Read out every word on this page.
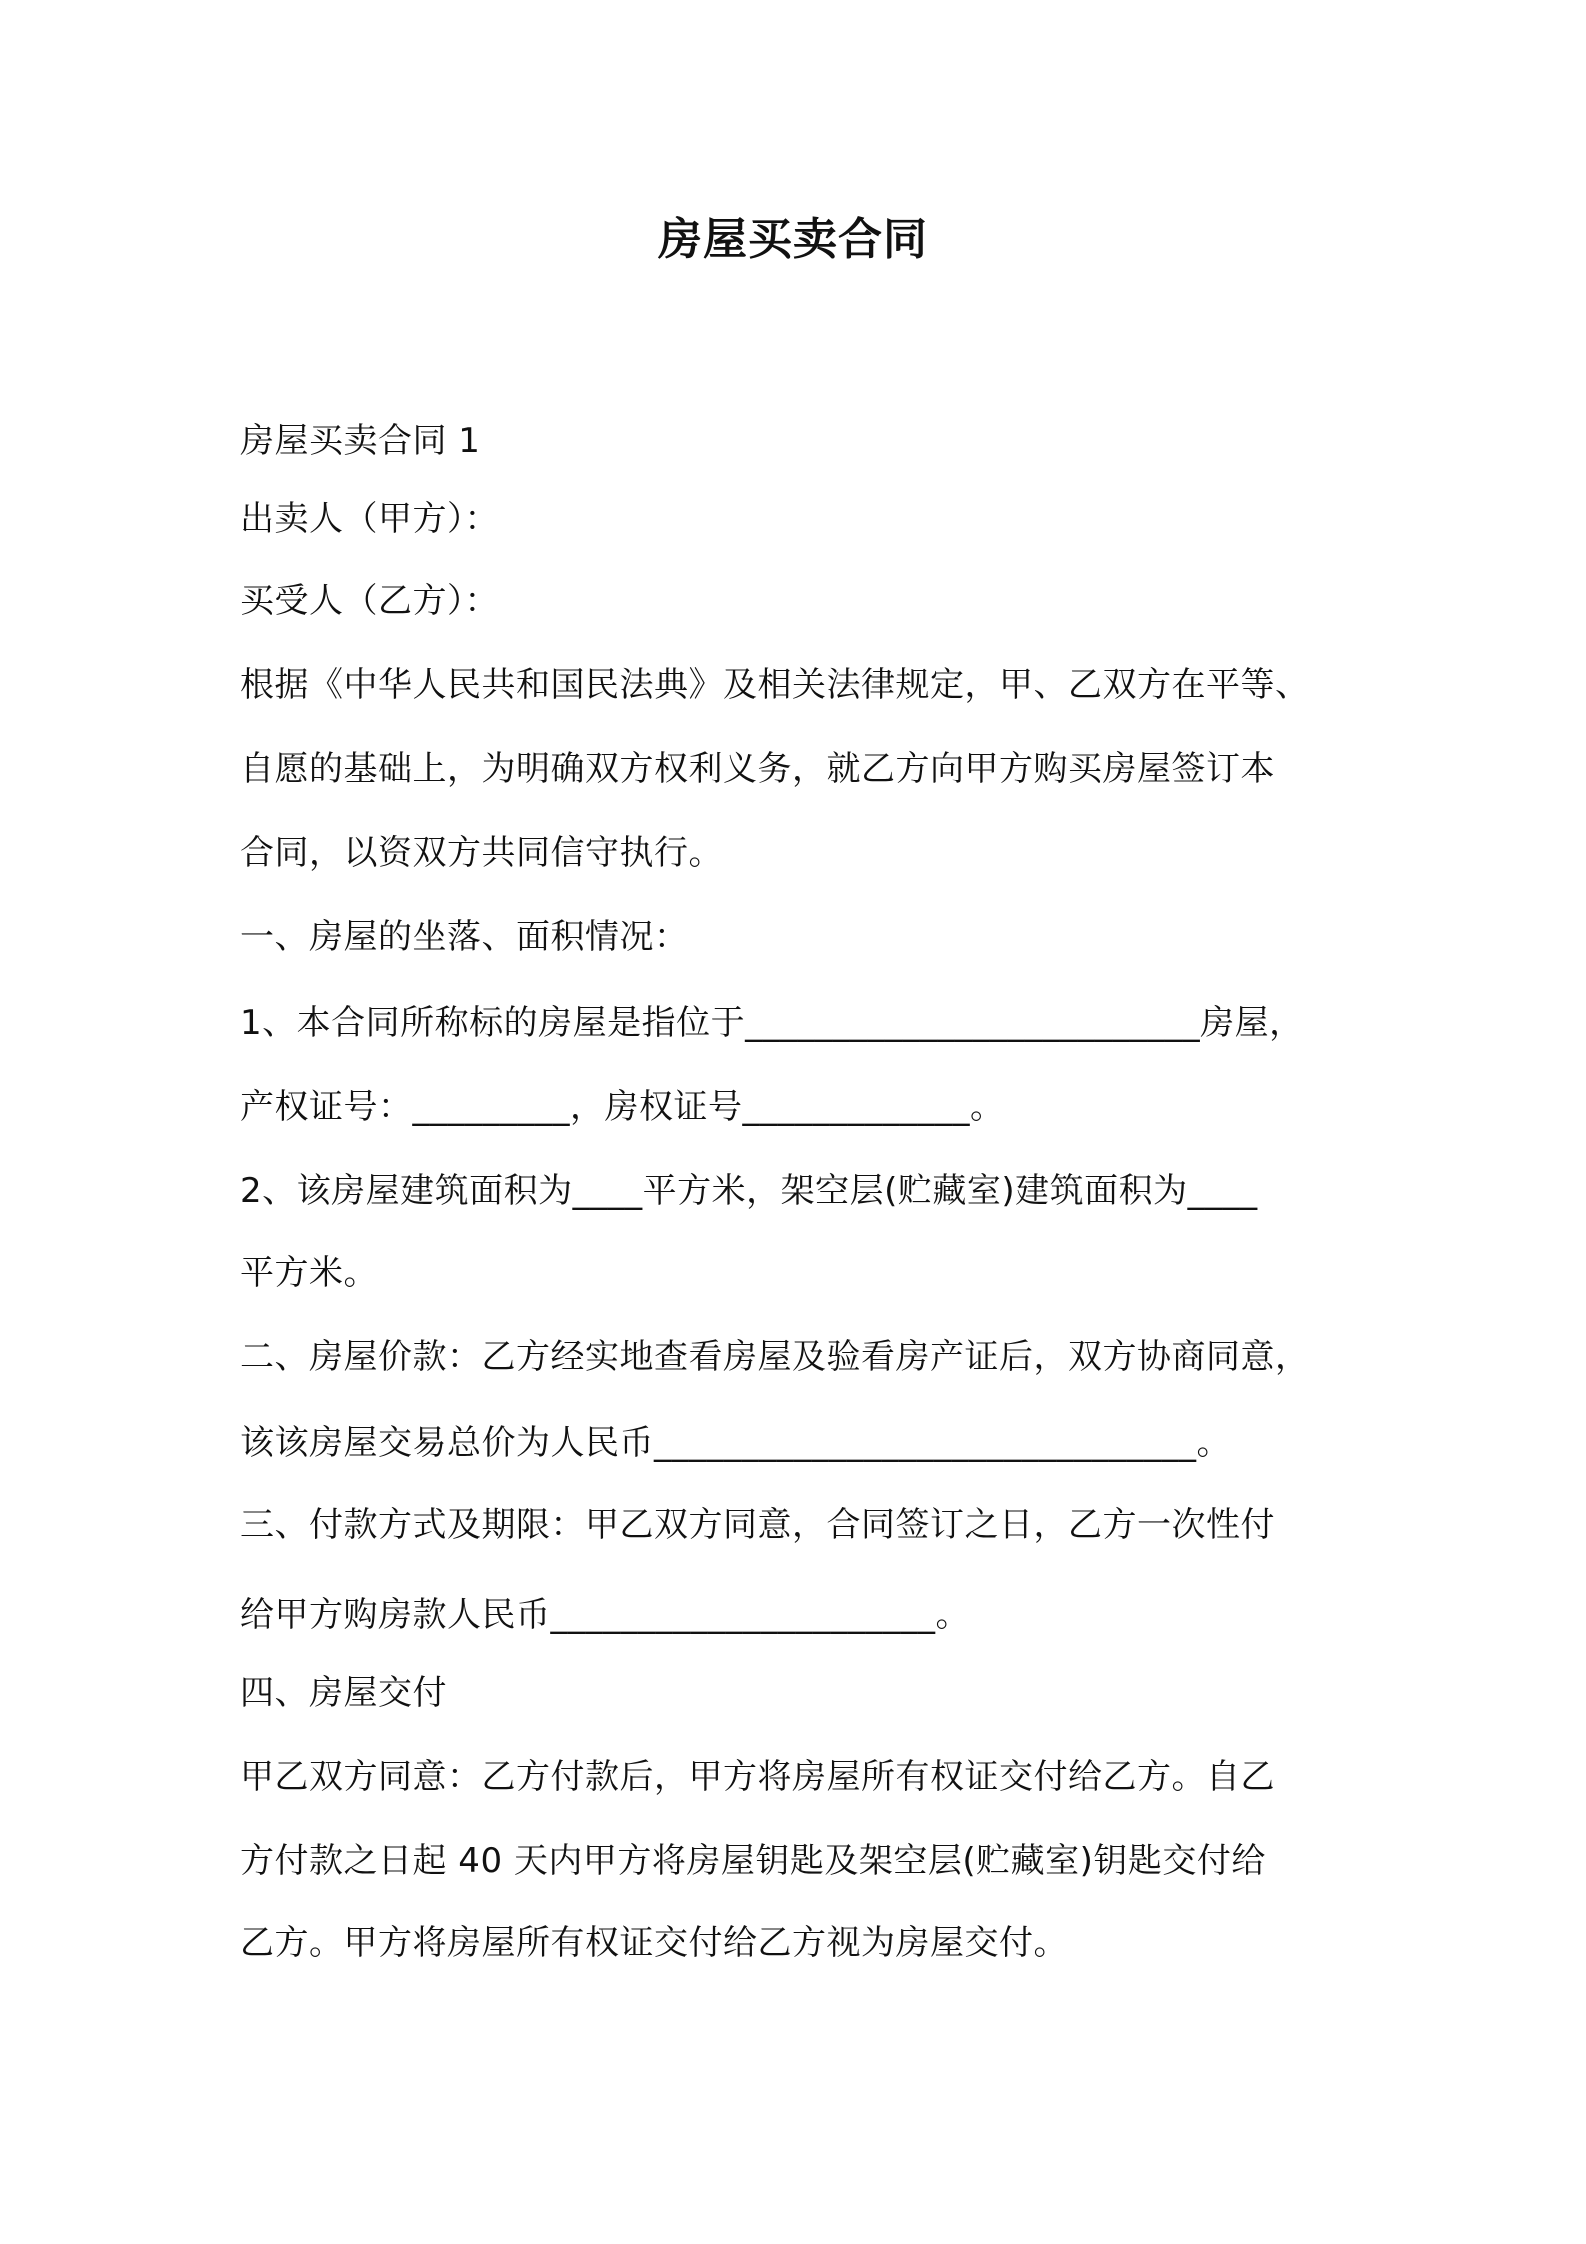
房屋买卖合同
房屋买卖合同 1
出卖人（甲方）：
买受人（乙方）：
根据《中华人民共和国民法典》及相关法律规定，甲、乙双方在平等、
自愿的基础上，为明确双方权利义务，就乙方向甲方购买房屋签订本
合同，以资双方共同信守执行。
一、房屋的坐落、面积情况：
1、本合同所称标的房屋是指位于__________________________房屋，
产权证号：_________，房权证号_____________。
2、该房屋建筑面积为____平方米，架空层(贮藏室)建筑面积为____
平方米。
二、房屋价款：乙方经实地查看房屋及验看房产证后，双方协商同意，
该该房屋交易总价为人民币_______________________________。
三、付款方式及期限：甲乙双方同意，合同签订之日，乙方一次性付
给甲方购房款人民币______________________。
四、房屋交付
甲乙双方同意：乙方付款后，甲方将房屋所有权证交付给乙方。自乙
方付款之日起 40 天内甲方将房屋钥匙及架空层(贮藏室)钥匙交付给
乙方。甲方将房屋所有权证交付给乙方视为房屋交付。
